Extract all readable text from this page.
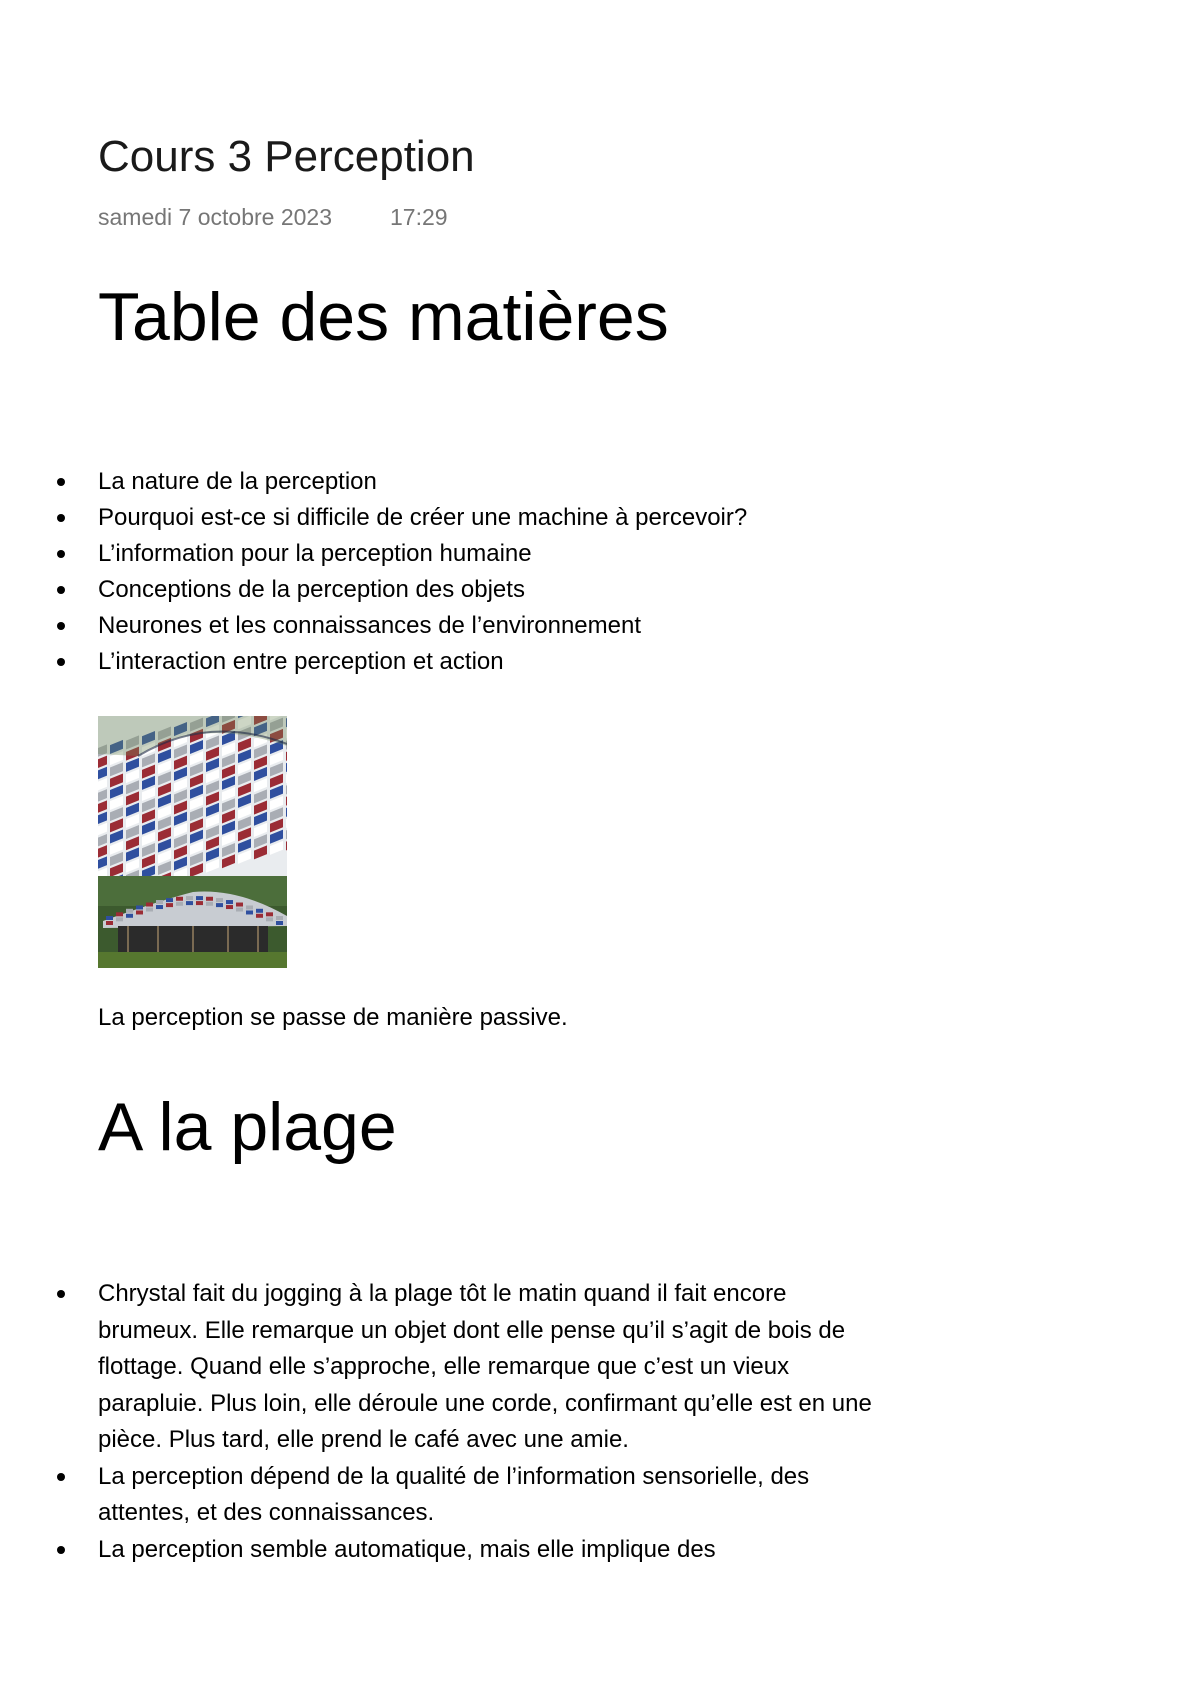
Cours 3 Perception
samedi 7 octobre 2023	17:29
Table des matières
La nature de la perception
Pourquoi est-ce si difficile de créer une machine à percevoir?
L’information pour la perception humaine
Conceptions de la perception des objets
Neurones et les connaissances de l’environnement
L’interaction entre perception et action
La perception se passe de manière passive.
A la plage
Chrystal fait du jogging à la plage tôt le matin quand il fait encore brumeux. Elle remarque un objet dont elle pense qu’il s’agit de bois de flottage. Quand elle s’approche, elle remarque que c’est un vieux parapluie. Plus loin, elle déroule une corde, confirmant qu’elle est en une pièce. Plus tard, elle prend le café avec une amie.
La perception dépend de la qualité de l’information sensorielle, des attentes, et des connaissances.
La perception semble automatique, mais elle implique des
